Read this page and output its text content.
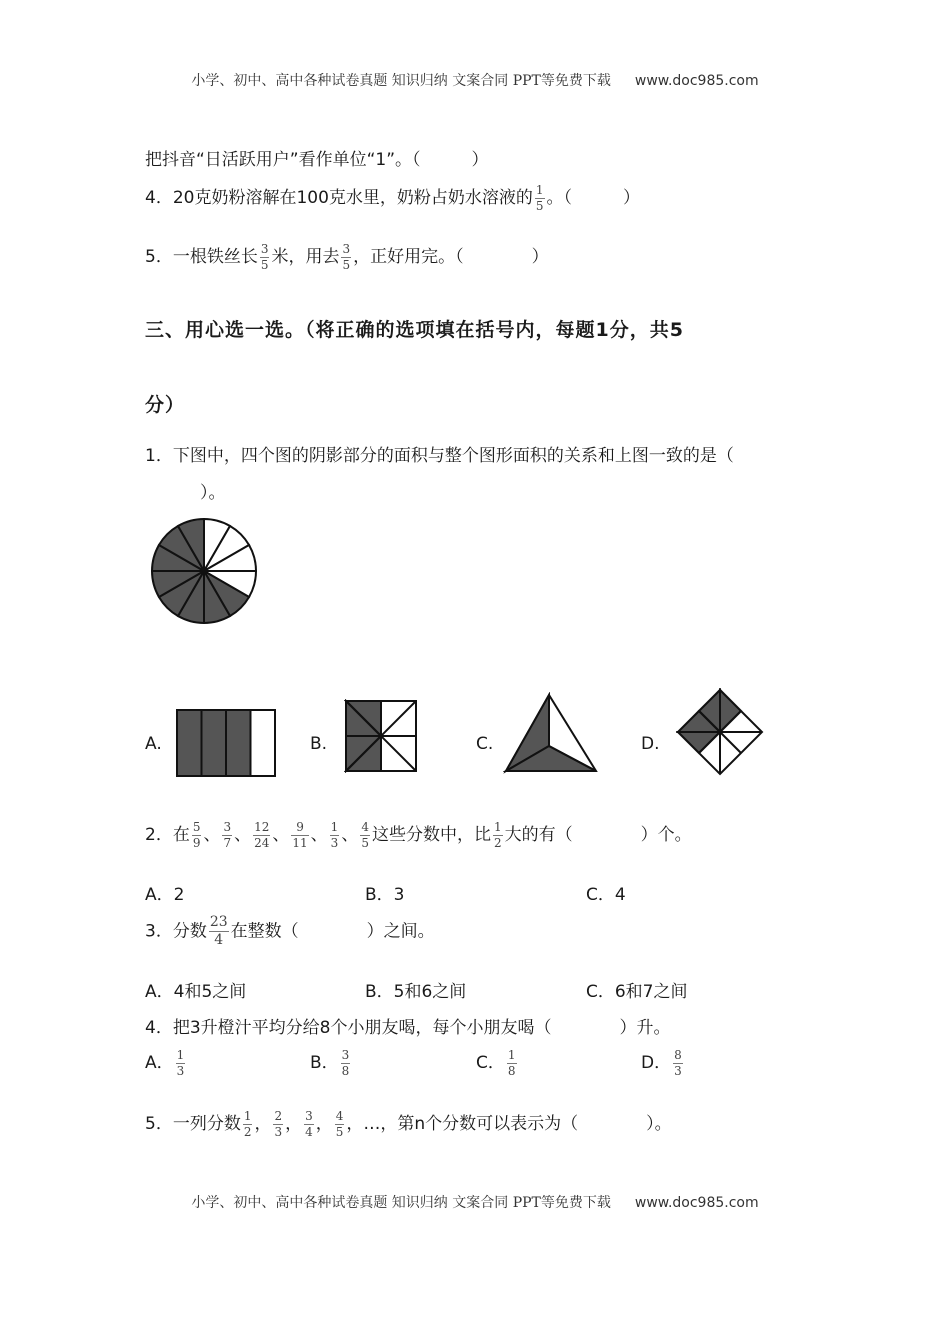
小学、初中、高中各种试卷真题 知识归纳 文案合同 PPT等免费下载 www.doc985.com
把抖音“日活跃用户”看作单位“1”。（　　　）
4．20克奶粉溶解在100克水里，奶粉占奶水溶液的 $\frac{1}{5}$ 。（　　　）
5．一根铁丝长 $\frac{3}{5}$ 米，用去 $\frac{3}{5}$ ，正好用完。（　　　　）
三、用心选一选。（将正确的选项填在括号内，每题1分，共5
分）
1．下图中，四个图的阴影部分的面积与整个图形面积的关系和上图一致的是（
）。
A.	B.	C.	D.
2．在 $\frac{5}{9}$ 、 $\frac{3}{7}$ 、 $\frac{12}{24}$ 、 $\frac{9}{11}$ 、 $\frac{1}{3}$ 、 $\frac{4}{5}$ 这些分数中，比 $\frac{1}{2}$ 大的有（　　　　）个。
A．2	B．3	C．4
3．分数 $\frac{23}{4}$ 在整数（　　　　）之间。
A．4和5之间	B．5和6之间	C．6和7之间
4．把3升橙汁平均分给8个小朋友喝，每个小朋友喝（　　　　）升。
A． $\frac{1}{3}$	B． $\frac{3}{8}$	C． $\frac{1}{8}$	D． $\frac{8}{3}$
5．一列分数 $\frac{1}{2}$ ， $\frac{2}{3}$ ， $\frac{3}{4}$ ， $\frac{4}{5}$ ，…，第n个分数可以表示为（　　　　）。
小学、初中、高中各种试卷真题 知识归纳 文案合同 PPT等免费下载 www.doc985.com
